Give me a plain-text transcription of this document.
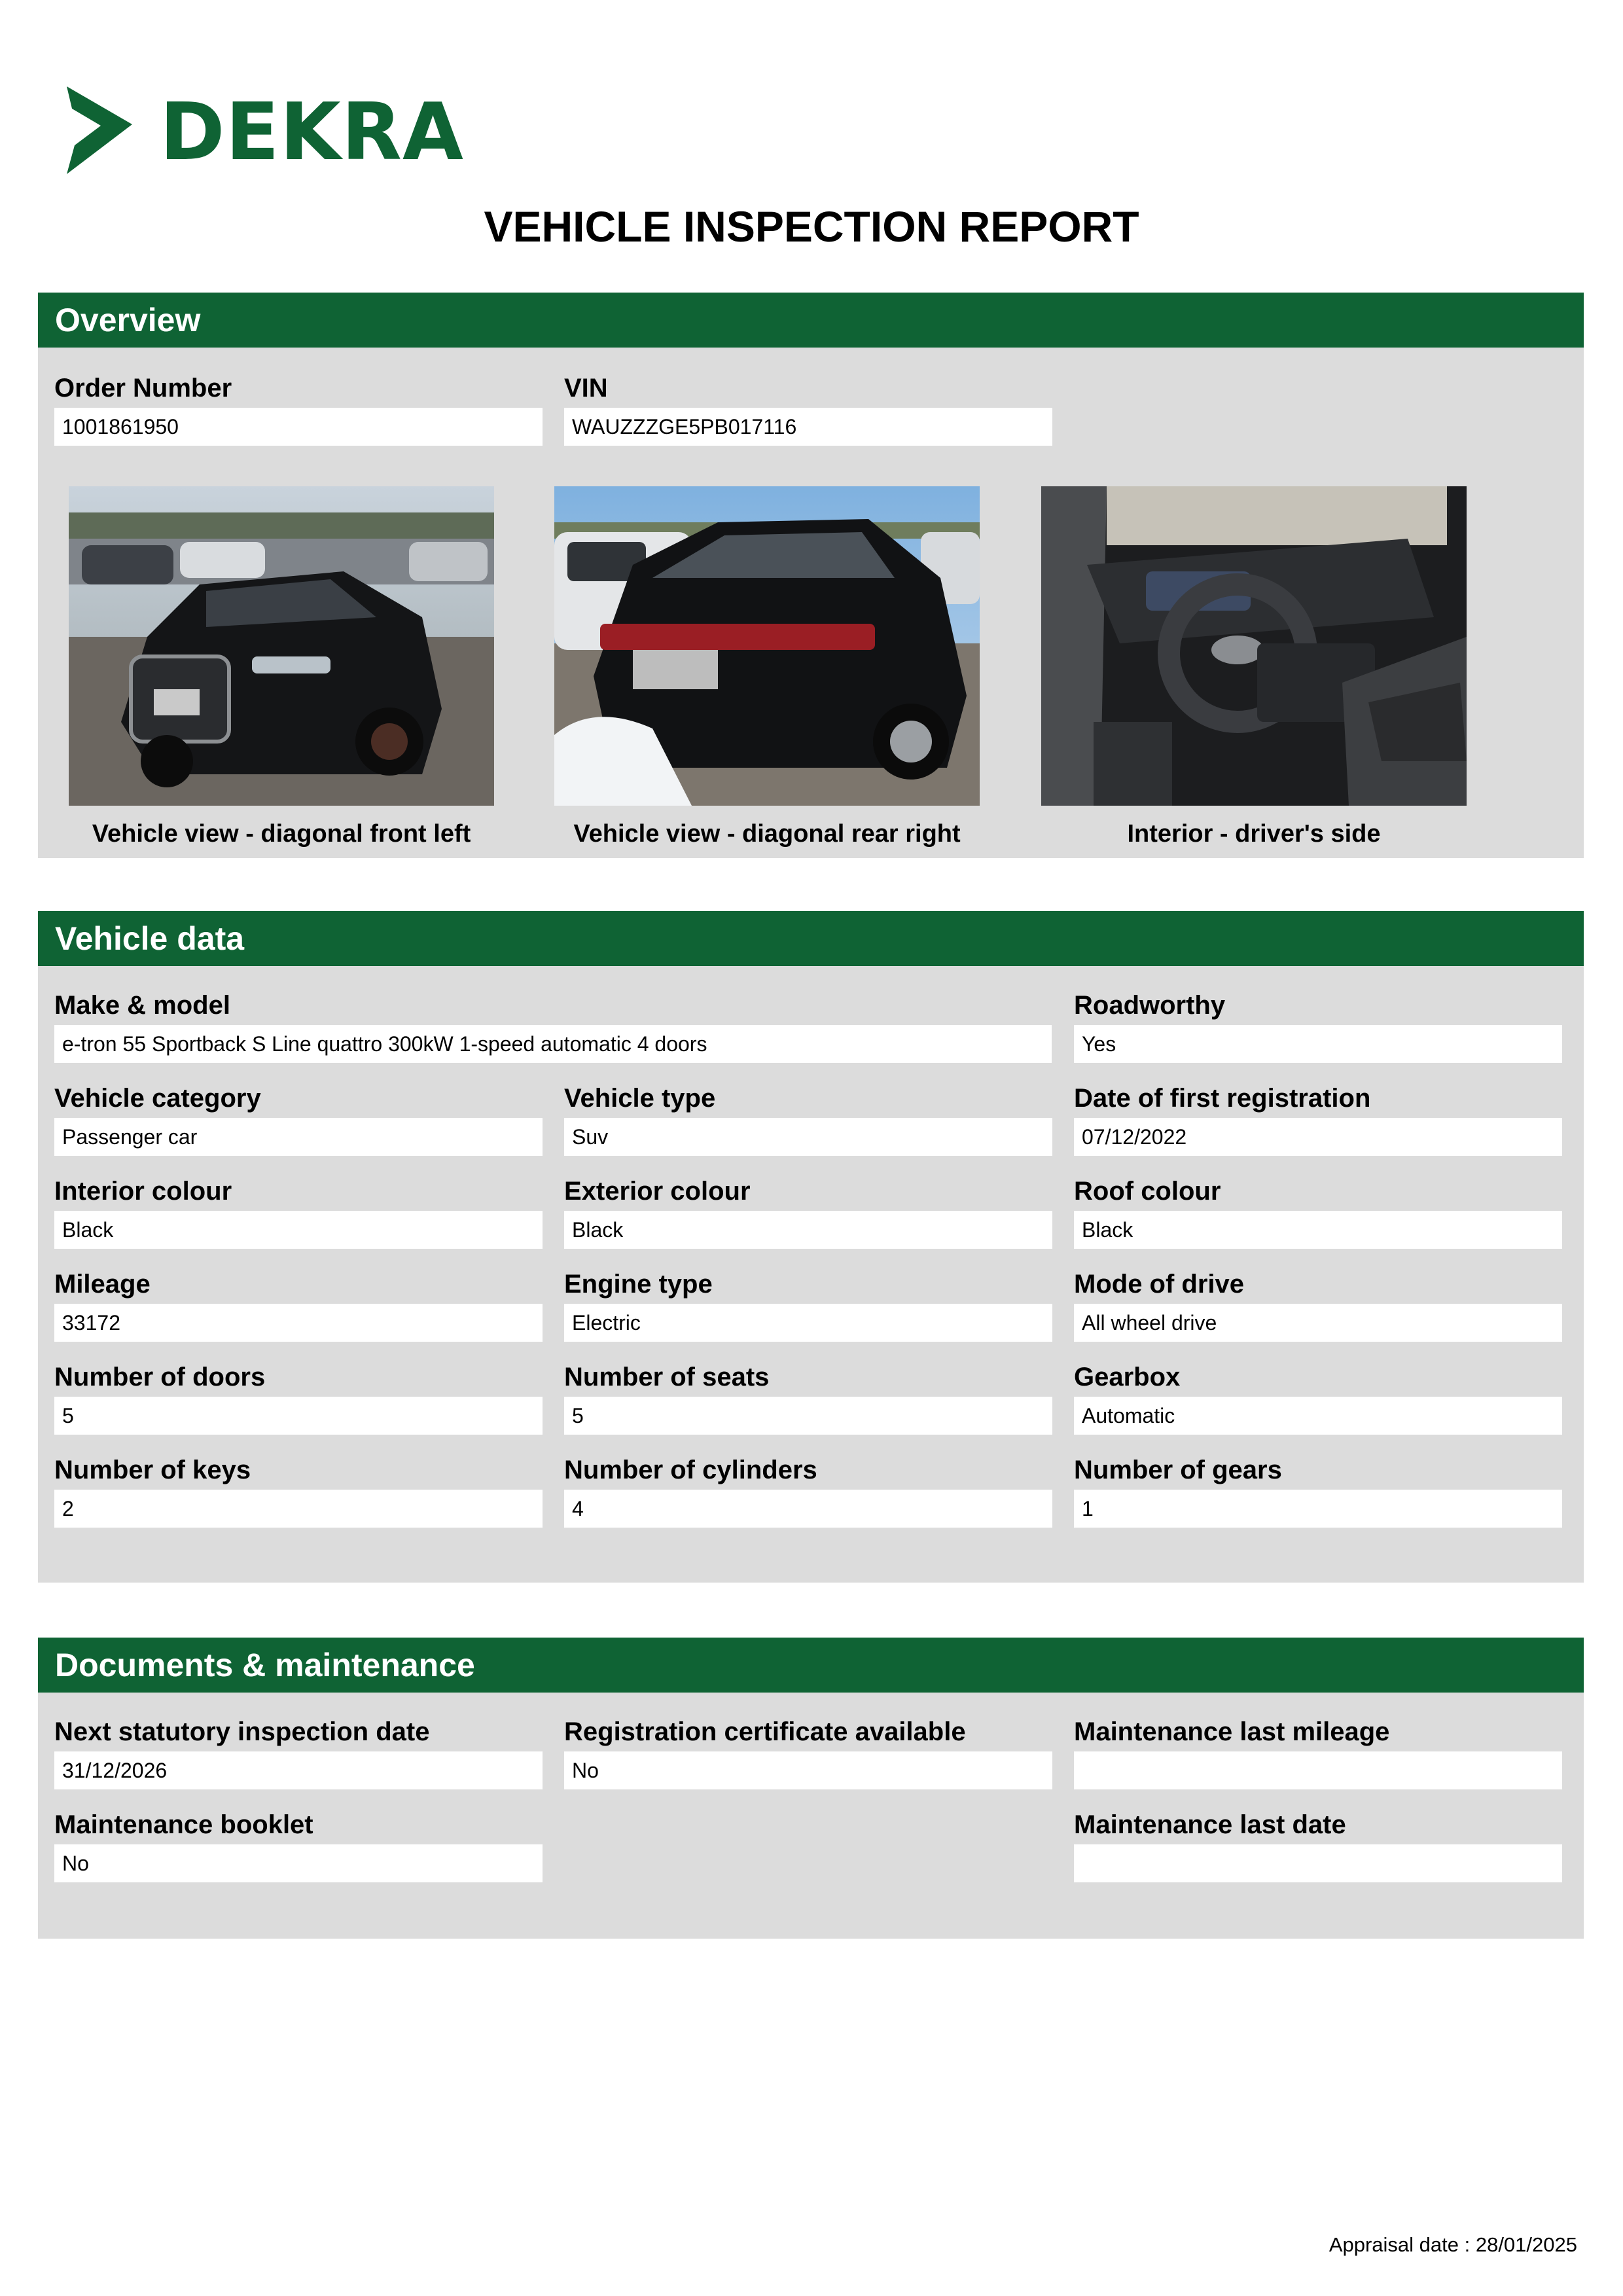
DEKRA
VEHICLE INSPECTION REPORT
Overview
Order Number
1001861950
VIN
WAUZZZGE5PB017116
Vehicle view - diagonal front left	Vehicle view - diagonal rear right	Interior - driver's side
Vehicle data
Make & model
e-tron 55 Sportback S Line quattro 300kW 1-speed automatic 4 doors
Roadworthy
Yes
Vehicle category
Passenger car
Vehicle type
Suv
Date of first registration
07/12/2022
Interior colour
Black
Exterior colour
Black
Roof colour
Black
Mileage
33172
Engine type
Electric
Mode of drive
All wheel drive
Number of doors
5
Number of seats
5
Gearbox
Automatic
Number of keys
2
Number of cylinders
4
Number of gears
1
Documents & maintenance
Next statutory inspection date
31/12/2026
Registration certificate available
No
Maintenance last mileage
Maintenance booklet
No
Maintenance last date
Appraisal date : 28/01/2025
